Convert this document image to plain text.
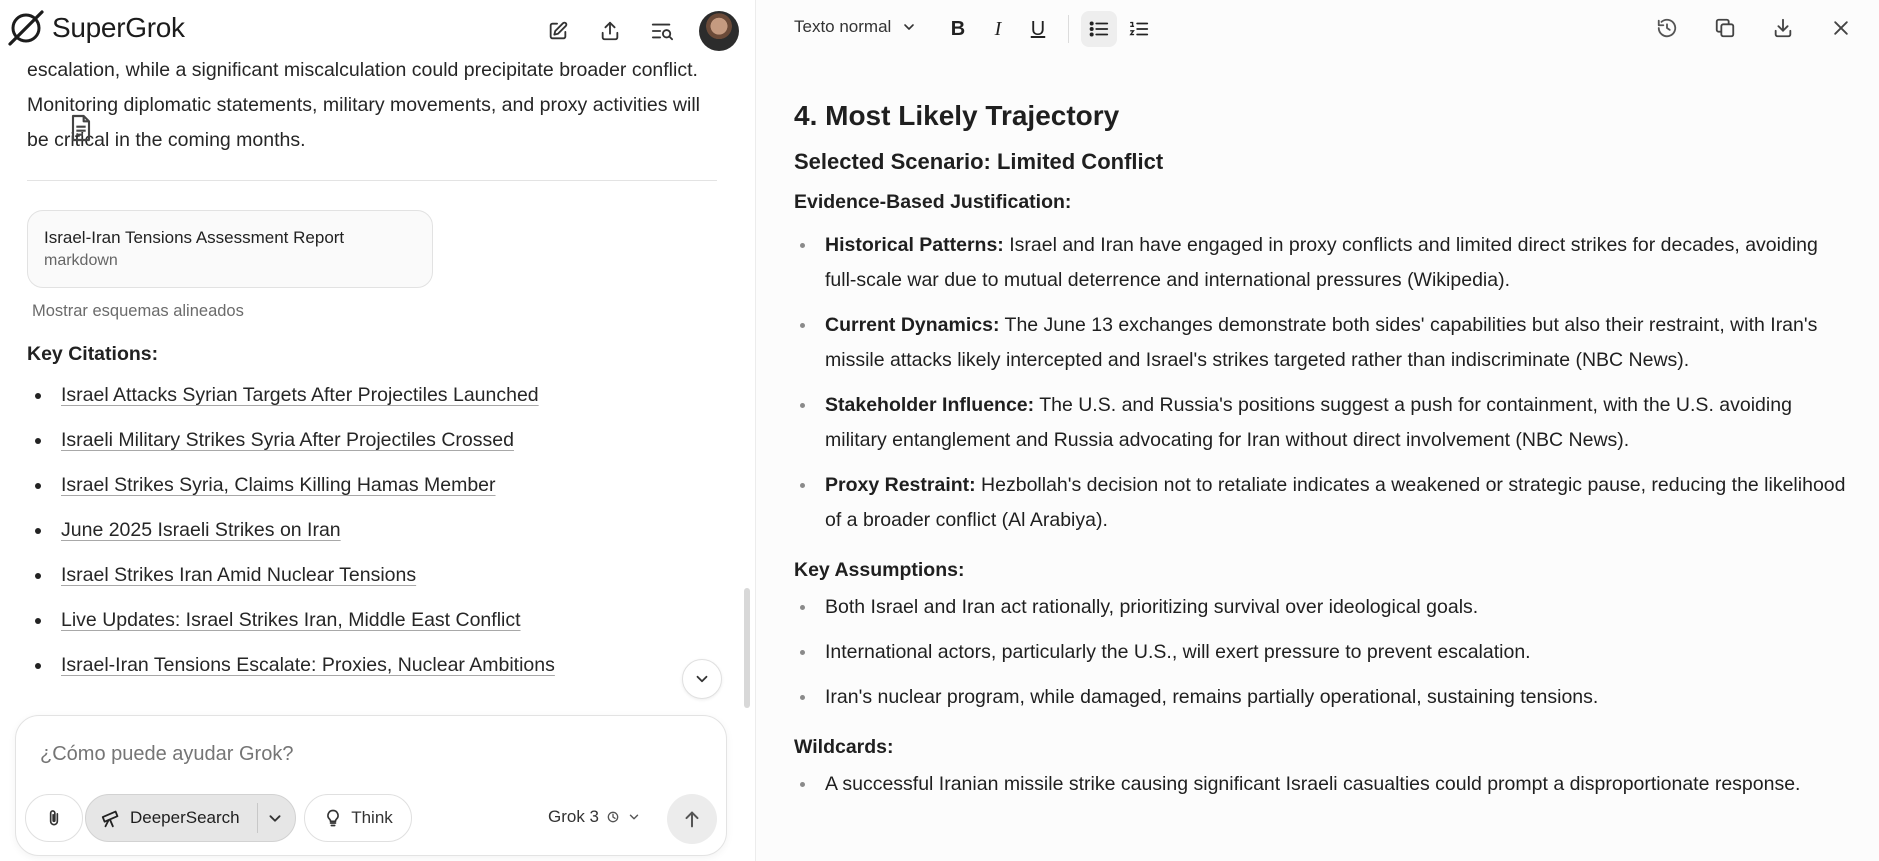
SuperGrok

escalation, while a significant miscalculation could precipitate broader conflict. Monitoring diplomatic statements, military movements, and proxy activities will be critical in the coming months.

Israel-Iran Tensions Assessment Report
markdown
Mostrar esquemas alineados
Key Citations:
Israel Attacks Syrian Targets After Projectiles Launched
Israeli Military Strikes Syria After Projectiles Crossed
Israel Strikes Syria, Claims Killing Hamas Member
June 2025 Israeli Strikes on Iran
Israel Strikes Iran Amid Nuclear Tensions
Live Updates: Israel Strikes Iran, Middle East Conflict
Israel-Iran Tensions Escalate: Proxies, Nuclear Ambitions
¿Cómo puede ayudar Grok?
DeeperSearch	Think	Grok 3
Texto normal	B I U
4. Most Likely Trajectory
Selected Scenario: Limited Conflict
Evidence-Based Justification:
Historical Patterns: Israel and Iran have engaged in proxy conflicts and limited direct strikes for decades, avoiding full-scale war due to mutual deterrence and international pressures (Wikipedia).
Current Dynamics: The June 13 exchanges demonstrate both sides' capabilities but also their restraint, with Iran's missile attacks likely intercepted and Israel's strikes targeted rather than indiscriminate (NBC News).
Stakeholder Influence: The U.S. and Russia's positions suggest a push for containment, with the U.S. avoiding military entanglement and Russia advocating for Iran without direct involvement (NBC News).
Proxy Restraint: Hezbollah's decision not to retaliate indicates a weakened or strategic pause, reducing the likelihood of a broader conflict (Al Arabiya).
Key Assumptions:
Both Israel and Iran act rationally, prioritizing survival over ideological goals.
International actors, particularly the U.S., will exert pressure to prevent escalation.
Iran's nuclear program, while damaged, remains partially operational, sustaining tensions.
Wildcards:
A successful Iranian missile strike causing significant Israeli casualties could prompt a disproportionate response.
